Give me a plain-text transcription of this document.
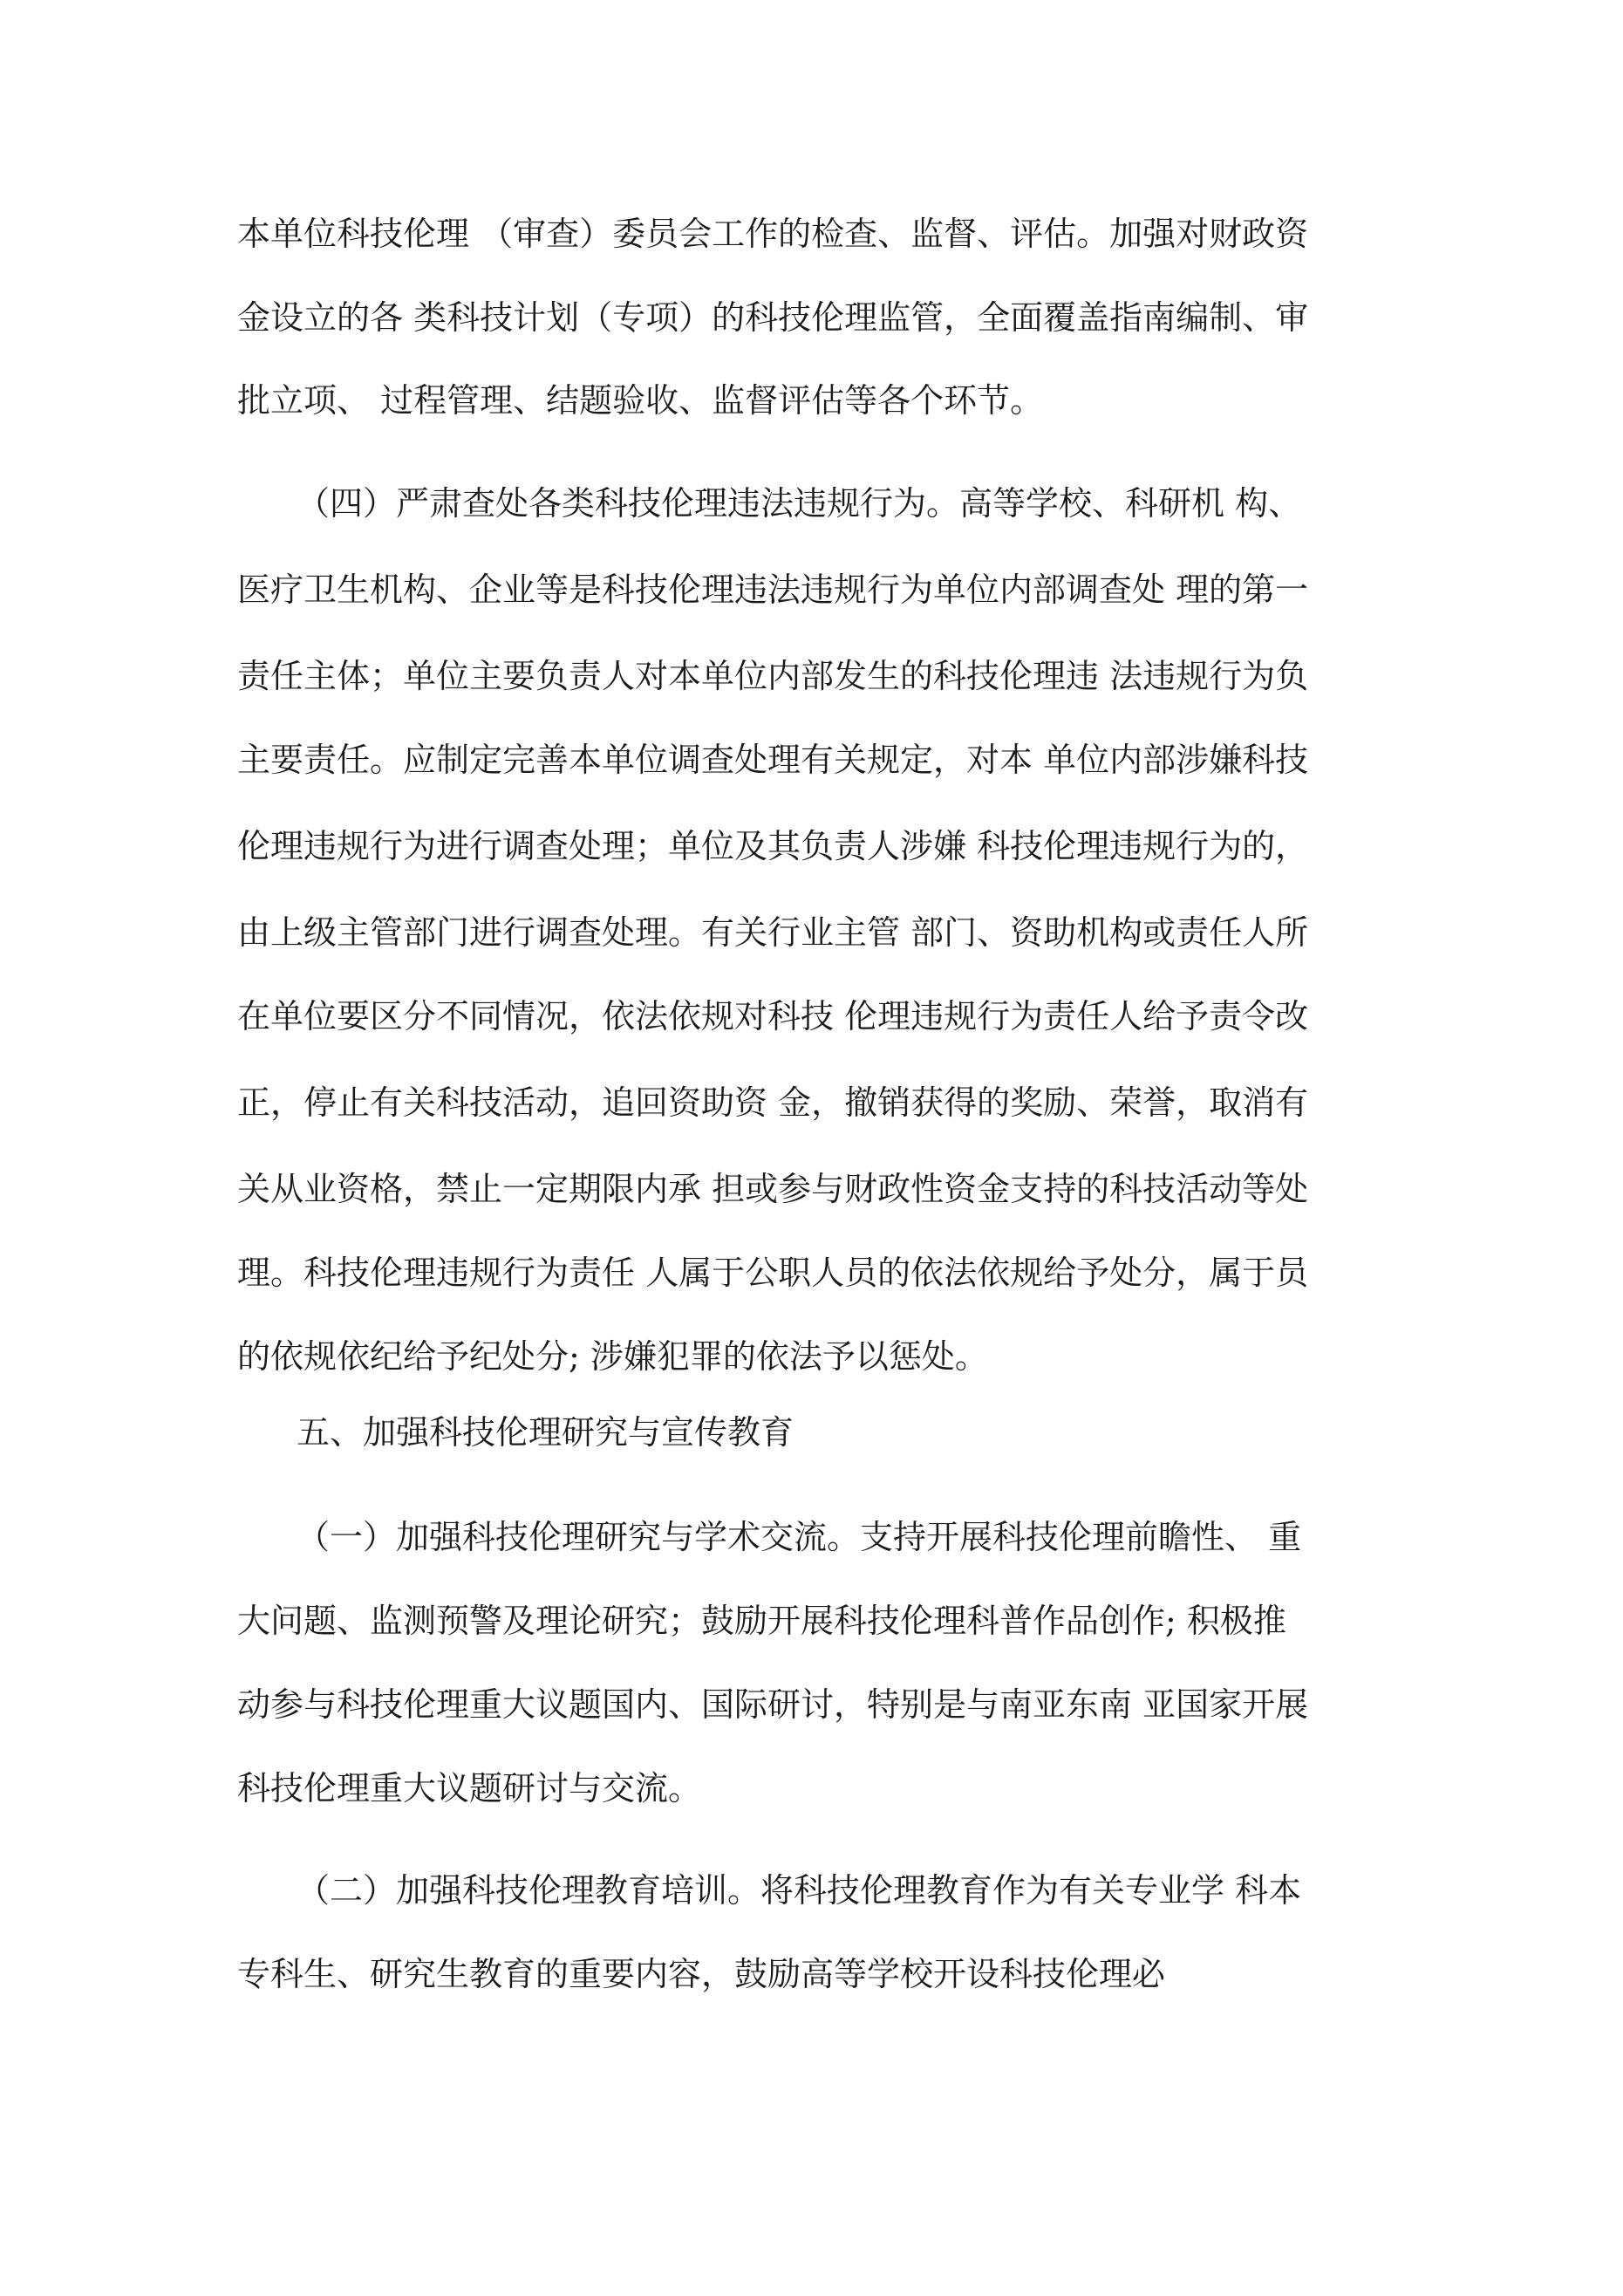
本单位科技伦理 （审查）委员会工作的检查、监督、评估。加强对财政资
金设立的各 类科技计划（专项）的科技伦理监管，全面覆盖指南编制、审
批立项、 过程管理、结题验收、监督评估等各个环节。
（四）严肃查处各类科技伦理违法违规行为。高等学校、科研机 构、
医疗卫生机构、企业等是科技伦理违法违规行为单位内部调查处 理的第一
责任主体；单位主要负责人对本单位内部发生的科技伦理违 法违规行为负
主要责任。应制定完善本单位调查处理有关规定，对本 单位内部涉嫌科技
伦理违规行为进行调查处理；单位及其负责人涉嫌 科技伦理违规行为的，
由上级主管部门进行调查处理。有关行业主管 部门、资助机构或责任人所
在单位要区分不同情况，依法依规对科技 伦理违规行为责任人给予责令改
正，停止有关科技活动，追回资助资 金，撤销获得的奖励、荣誉，取消有
关从业资格，禁止一定期限内承 担或参与财政性资金支持的科技活动等处
理。科技伦理违规行为责任 人属于公职人员的依法依规给予处分，属于员
的依规依纪给予纪处分; 涉嫌犯罪的依法予以惩处。
五、加强科技伦理研究与宣传教育
（一）加强科技伦理研究与学术交流。支持开展科技伦理前瞻性、 重
大问题、监测预警及理论研究；鼓励开展科技伦理科普作品创作; 积极推
动参与科技伦理重大议题国内、国际研讨，特别是与南亚东南 亚国家开展
科技伦理重大议题研讨与交流。
（二）加强科技伦理教育培训。将科技伦理教育作为有关专业学 科本
专科生、研究生教育的重要内容，鼓励高等学校开设科技伦理必
